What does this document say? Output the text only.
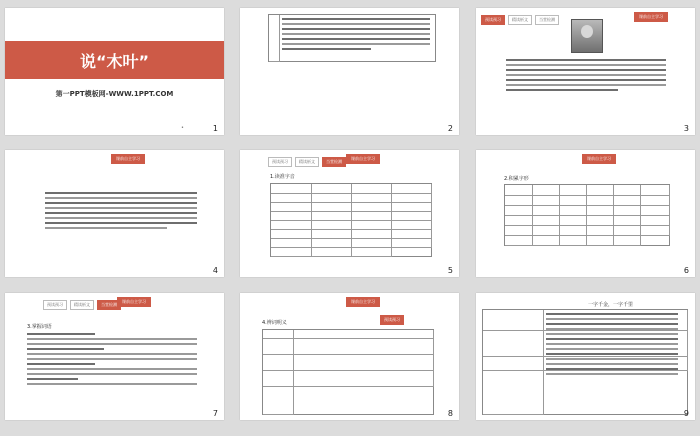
说“木叶”
第一PPT模板网-WWW.1PPT.COM
•	1	2
预读预习	精读析文	当堂检测
课前自主学习
3
课前自主学习
4
预读预习	精读析文	当堂检测
课前自主学习
1.读准字音
5
课前自主学习
2.积累字形
6
预读预习	精读析文	当堂检测
课前自主学习
3.掌握词语
7
课前自主学习
预读预习
4.辨词明义
8
一字千金，一字千里
9
